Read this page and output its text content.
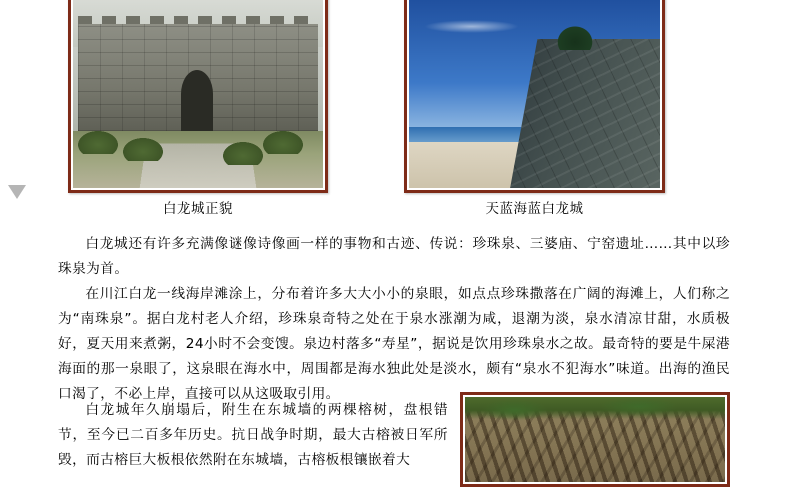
白龙城正貌	天蓝海蓝白龙城

白龙城还有许多充满像谜像诗像画一样的事物和古迹、传说：珍珠泉、三婆庙、宁窑遗址……其中以珍珠泉为首。

在川江白龙一线海岸滩涂上，分布着许多大大小小的泉眼，如点点珍珠撒落在广阔的海滩上，人们称之为“南珠泉”。据白龙村老人介绍，珍珠泉奇特之处在于泉水涨潮为咸，退潮为淡，泉水清凉甘甜，水质极好，夏天用来煮粥，24小时不会变馊。泉边村落多“寿星”，据说是饮用珍珠泉水之故。最奇特的要是牛屎港海面的那一泉眼了，这泉眼在海水中，周围都是海水独此处是淡水，颇有“泉水不犯海水”味道。出海的渔民口渴了，不必上岸，直接可以从这吸取引用。

白龙城年久崩塌后，附生在东城墙的两棵榕树，盘根错节，至今已二百多年历史。抗日战争时期，最大古榕被日军所毁，而古榕巨大板根依然附在东城墙，古榕板根镶嵌着大
